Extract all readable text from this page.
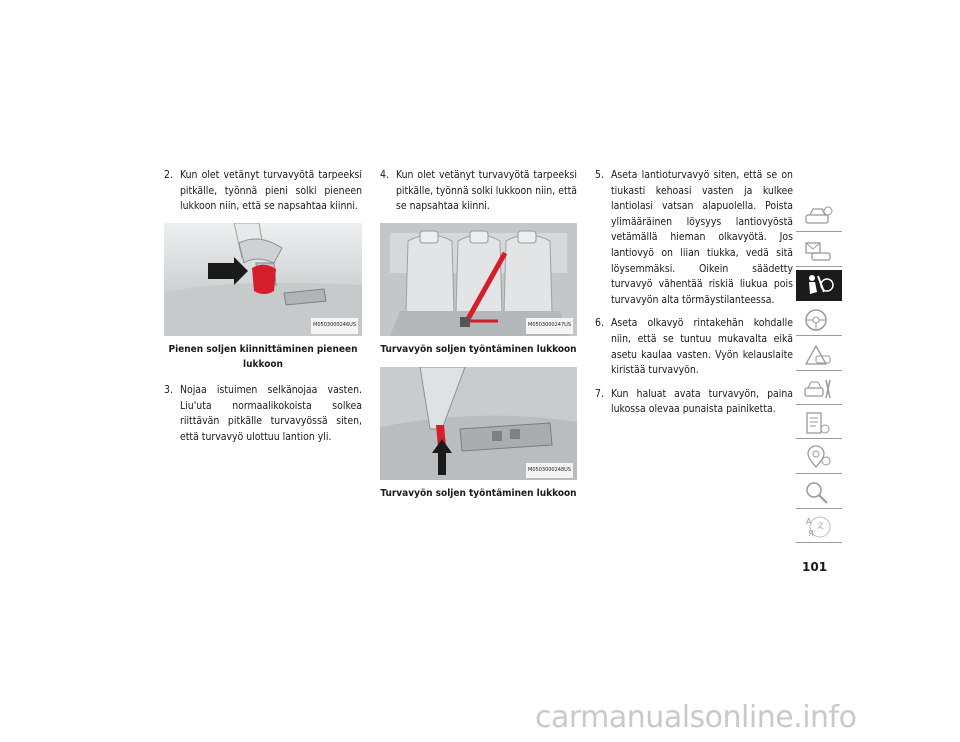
2. Kun olet vetänyt turvavyötä tarpeeksi pitkälle, työnnä pieni solki pieneen lukkoon niin, että se napsahtaa kiinni.
M0503000246US
Pienen soljen kiinnittäminen pieneen lukkoon
3. Nojaa istuimen selkänojaa vasten. Liu'uta normaalikokoista solkea riittävän pitkälle turvavyössä siten, että turvavyö ulottuu lantion yli.
4. Kun olet vetänyt turvavyötä tarpeeksi pitkälle, työnnä solki lukkoon niin, että se napsahtaa kiinni.
M0503000247US
Turvavyön soljen työntäminen lukkoon
M0503000248US
Turvavyön soljen työntäminen lukkoon
5. Aseta lantioturvavyö siten, että se on tiukasti kehoasi vasten ja kulkee lantiolasi vatsan alapuolella. Poista ylimääräinen löysyys lantiovyöstä vetämällä hieman olkavyötä. Jos lantiovyö on liian tiukka, vedä sitä löysemmäksi. Oikein säädetty turvavyö vähentää riskiä liukua pois turvavyön alta törmäystilanteessa.
6. Aseta olkavyö rintakehän kohdalle niin, että se tuntuu mukavalta eikä asetu kaulaa vasten. Vyön kelauslaite kiristää turvavyön.
7. Kun haluat avata turvavyön, paina lukossa olevaa punaista painiketta.
A 文
Я
101
carmanualsonline.info
